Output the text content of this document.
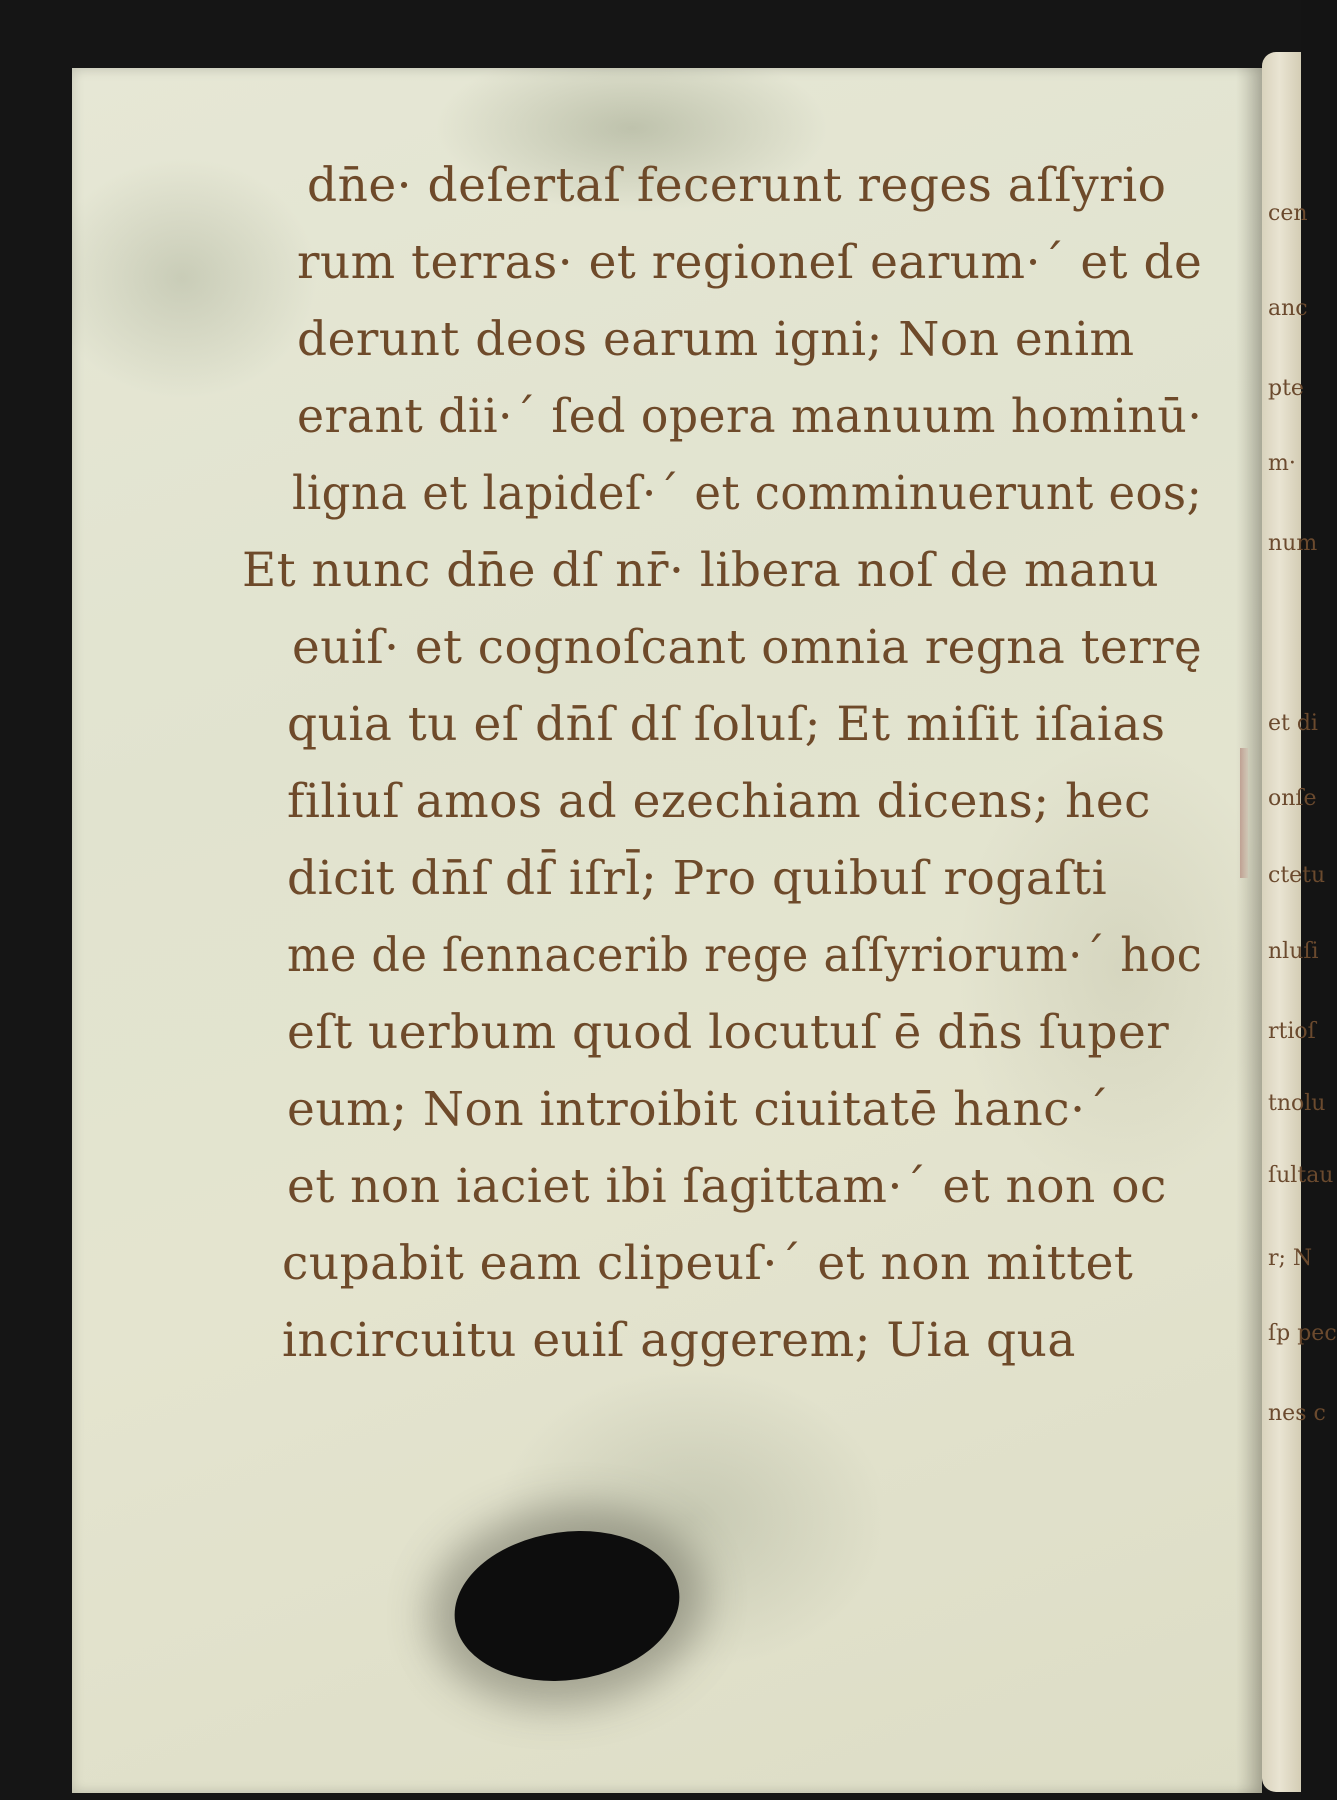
cen
anc
pte
m·
num
et di
onſe
ctetu
nluſi
rtioſ
tnolu
ſultau
r; N
ſp pec
nes c
dn̄e· deſertaſ fecerunt reges aſſyrio
rum terras· et regioneſ earum·ˊ et de
derunt deos earum igni; Non enim
erant dii·ˊ ſed opera manuum hominū·
ligna et lapideſ·ˊ et comminuerunt eos;
Et nunc dn̄e dſ nr̄· libera noſ de manu
euiſ· et cognoſcant omnia regna terrę
quia tu eſ dn̄ſ dſ ſoluſ; Et miſit iſaias
filiuſ amos ad ezechiam dicens; hec
dicit dn̄ſ dſ̄ iſrl̄; Pro quibuſ rogaſti
me de ſennacerib rege aſſyriorum·ˊ hoc
eſt uerbum quod locutuſ ē dn̄s ſuper
eum; Non introibit ciuitatē hanc·ˊ
et non iaciet ibi ſagittam·ˊ et non oc
cupabit eam clipeuſ·ˊ et non mittet
incircuitu euiſ aggerem; Uia qua
